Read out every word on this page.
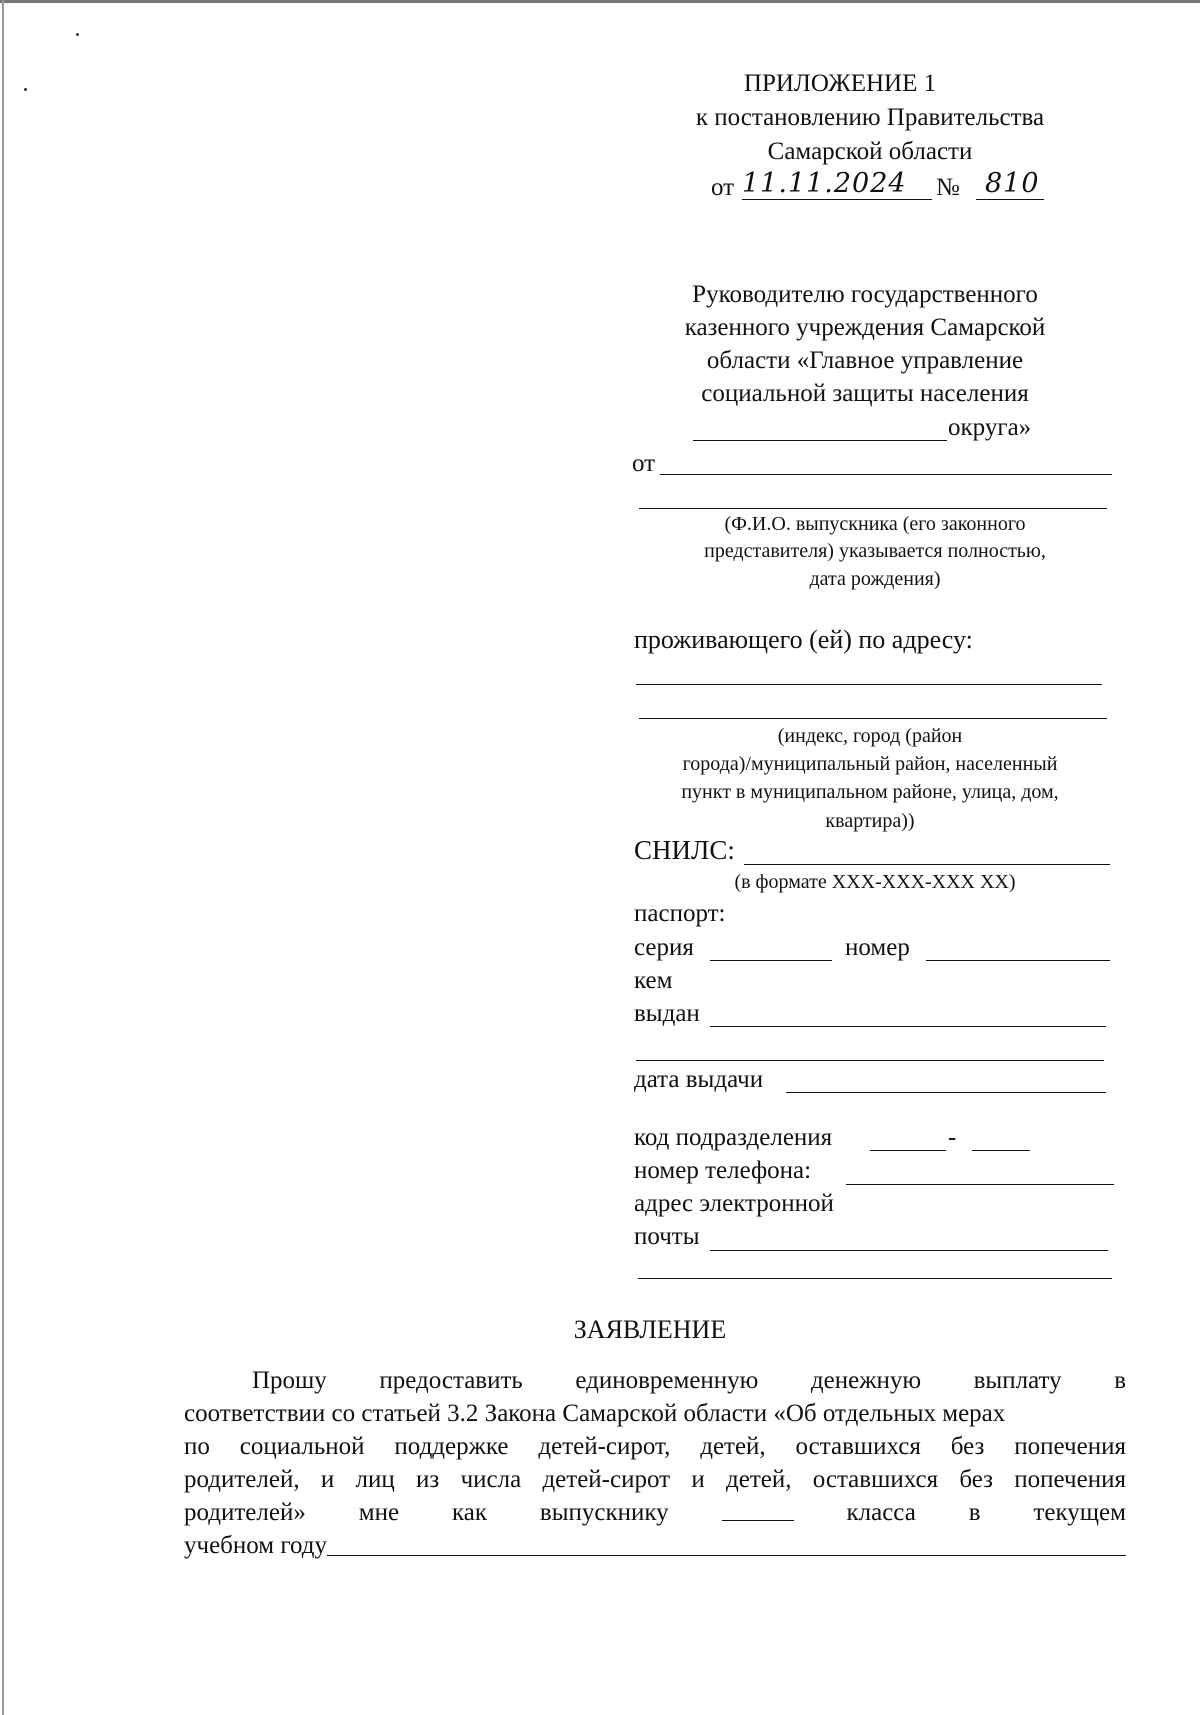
ПРИЛОЖЕНИЕ 1
к постановлению Правительства
Самарской области
от 11.11.2024 № 810
Руководителю государственного
казенного учреждения Самарской
области «Главное управление
социальной защиты населения
округа»
от
(Ф.И.О. выпускника (его законного
представителя) указывается полностью,
дата рождения)
проживающего (ей) по адресу:
(индекс, город (район
города)/муниципальный район, населенный
пункт в муниципальном районе, улица, дом,
квартира))
СНИЛС:
(в формате ХХХ-ХХХ-ХХХ ХХ)
паспорт:
серия	номер
кем
выдан
дата выдачи
код подразделения	-
номер телефона:
адрес электронной
почты
ЗАЯВЛЕНИЕ
Прошу предоставить единовременную денежную выплату в
соответствии со статьей 3.2 Закона Самарской области «Об отдельных мерах
по социальной поддержке детей-сирот, детей, оставшихся без попечения
родителей, и лиц из числа детей-сирот и детей, оставшихся без попечения
родителей» мне как выпускнику	класса в текущем
учебном году
